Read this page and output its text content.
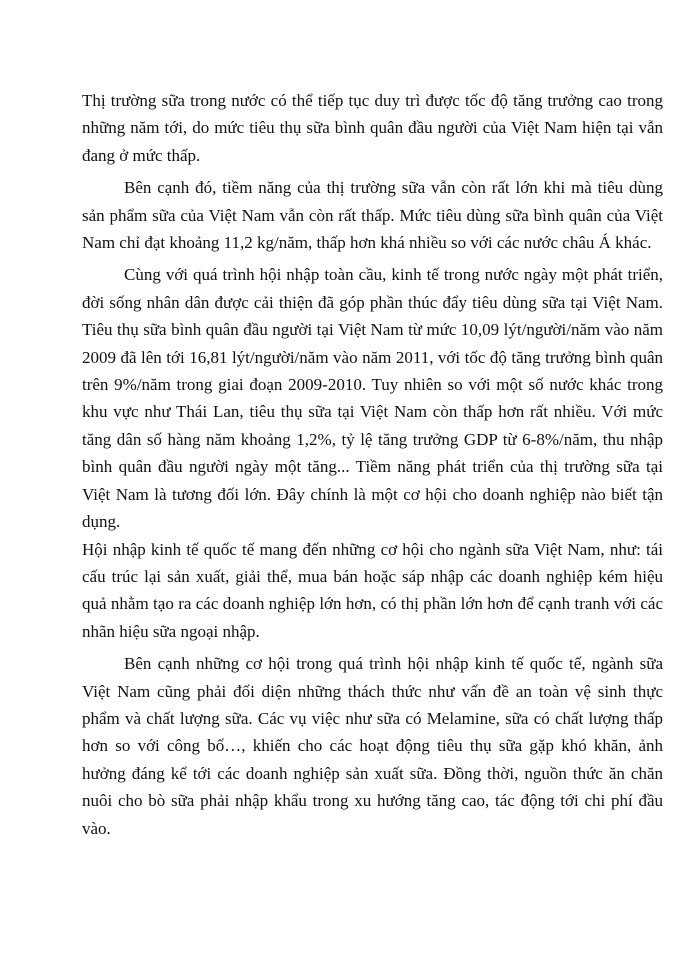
Thị trường sữa trong nước có thể tiếp tục duy trì được tốc độ tăng trưởng cao trong những năm tới, do mức tiêu thụ sữa bình quân đầu người của Việt Nam hiện tại vẫn đang ở mức thấp.

Bên cạnh đó, tiềm năng của thị trường sữa vẫn còn rất lớn khi mà tiêu dùng sản phẩm sữa của Việt Nam vẫn còn rất thấp. Mức tiêu dùng sữa bình quân của Việt Nam chỉ đạt khoảng 11,2 kg/năm, thấp hơn khá nhiều so với các nước châu Á khác.

Cùng với quá trình hội nhập toàn cầu, kinh tế trong nước ngày một phát triển, đời sống nhân dân được cải thiện đã góp phần thúc đẩy tiêu dùng sữa tại Việt Nam. Tiêu thụ sữa bình quân đầu người tại Việt Nam từ mức 10,09 lýt/người/năm vào năm 2009 đã lên tới 16,81 lýt/người/năm vào năm 2011, với tốc độ tăng trưởng bình quân trên 9%/năm trong giai đoạn 2009-2010. Tuy nhiên so với một số nước khác trong khu vực như Thái Lan, tiêu thụ sữa tại Việt Nam còn thấp hơn rất nhiều. Với mức tăng dân số hàng năm khoảng 1,2%, tỷ lệ tăng trưởng GDP từ 6-8%/năm, thu nhập bình quân đầu người ngày một tăng... Tiềm năng phát triển của thị trường sữa tại Việt Nam là tương đối lớn. Đây chính là một cơ hội cho doanh nghiệp nào biết tận dụng.

Hội nhập kinh tế quốc tế mang đến những cơ hội cho ngành sữa Việt Nam, như: tái cấu trúc lại sản xuất, giải thể, mua bán hoặc sáp nhập các doanh nghiệp kém hiệu quả nhằm tạo ra các doanh nghiệp lớn hơn, có thị phần lớn hơn để cạnh tranh với các nhãn hiệu sữa ngoại nhập.

Bên cạnh những cơ hội trong quá trình hội nhập kinh tế quốc tế, ngành sữa Việt Nam cũng phải đối diện những thách thức như vấn đề an toàn vệ sinh thực phẩm và chất lượng sữa. Các vụ việc như sữa có Melamine, sữa có chất lượng thấp hơn so với công bố…, khiến cho các hoạt động tiêu thụ sữa gặp khó khăn, ảnh hưởng đáng kể tới các doanh nghiệp sản xuất sữa. Đồng thời, nguồn thức ăn chăn nuôi cho bò sữa phải nhập khẩu trong xu hướng tăng cao, tác động tới chi phí đầu vào.
